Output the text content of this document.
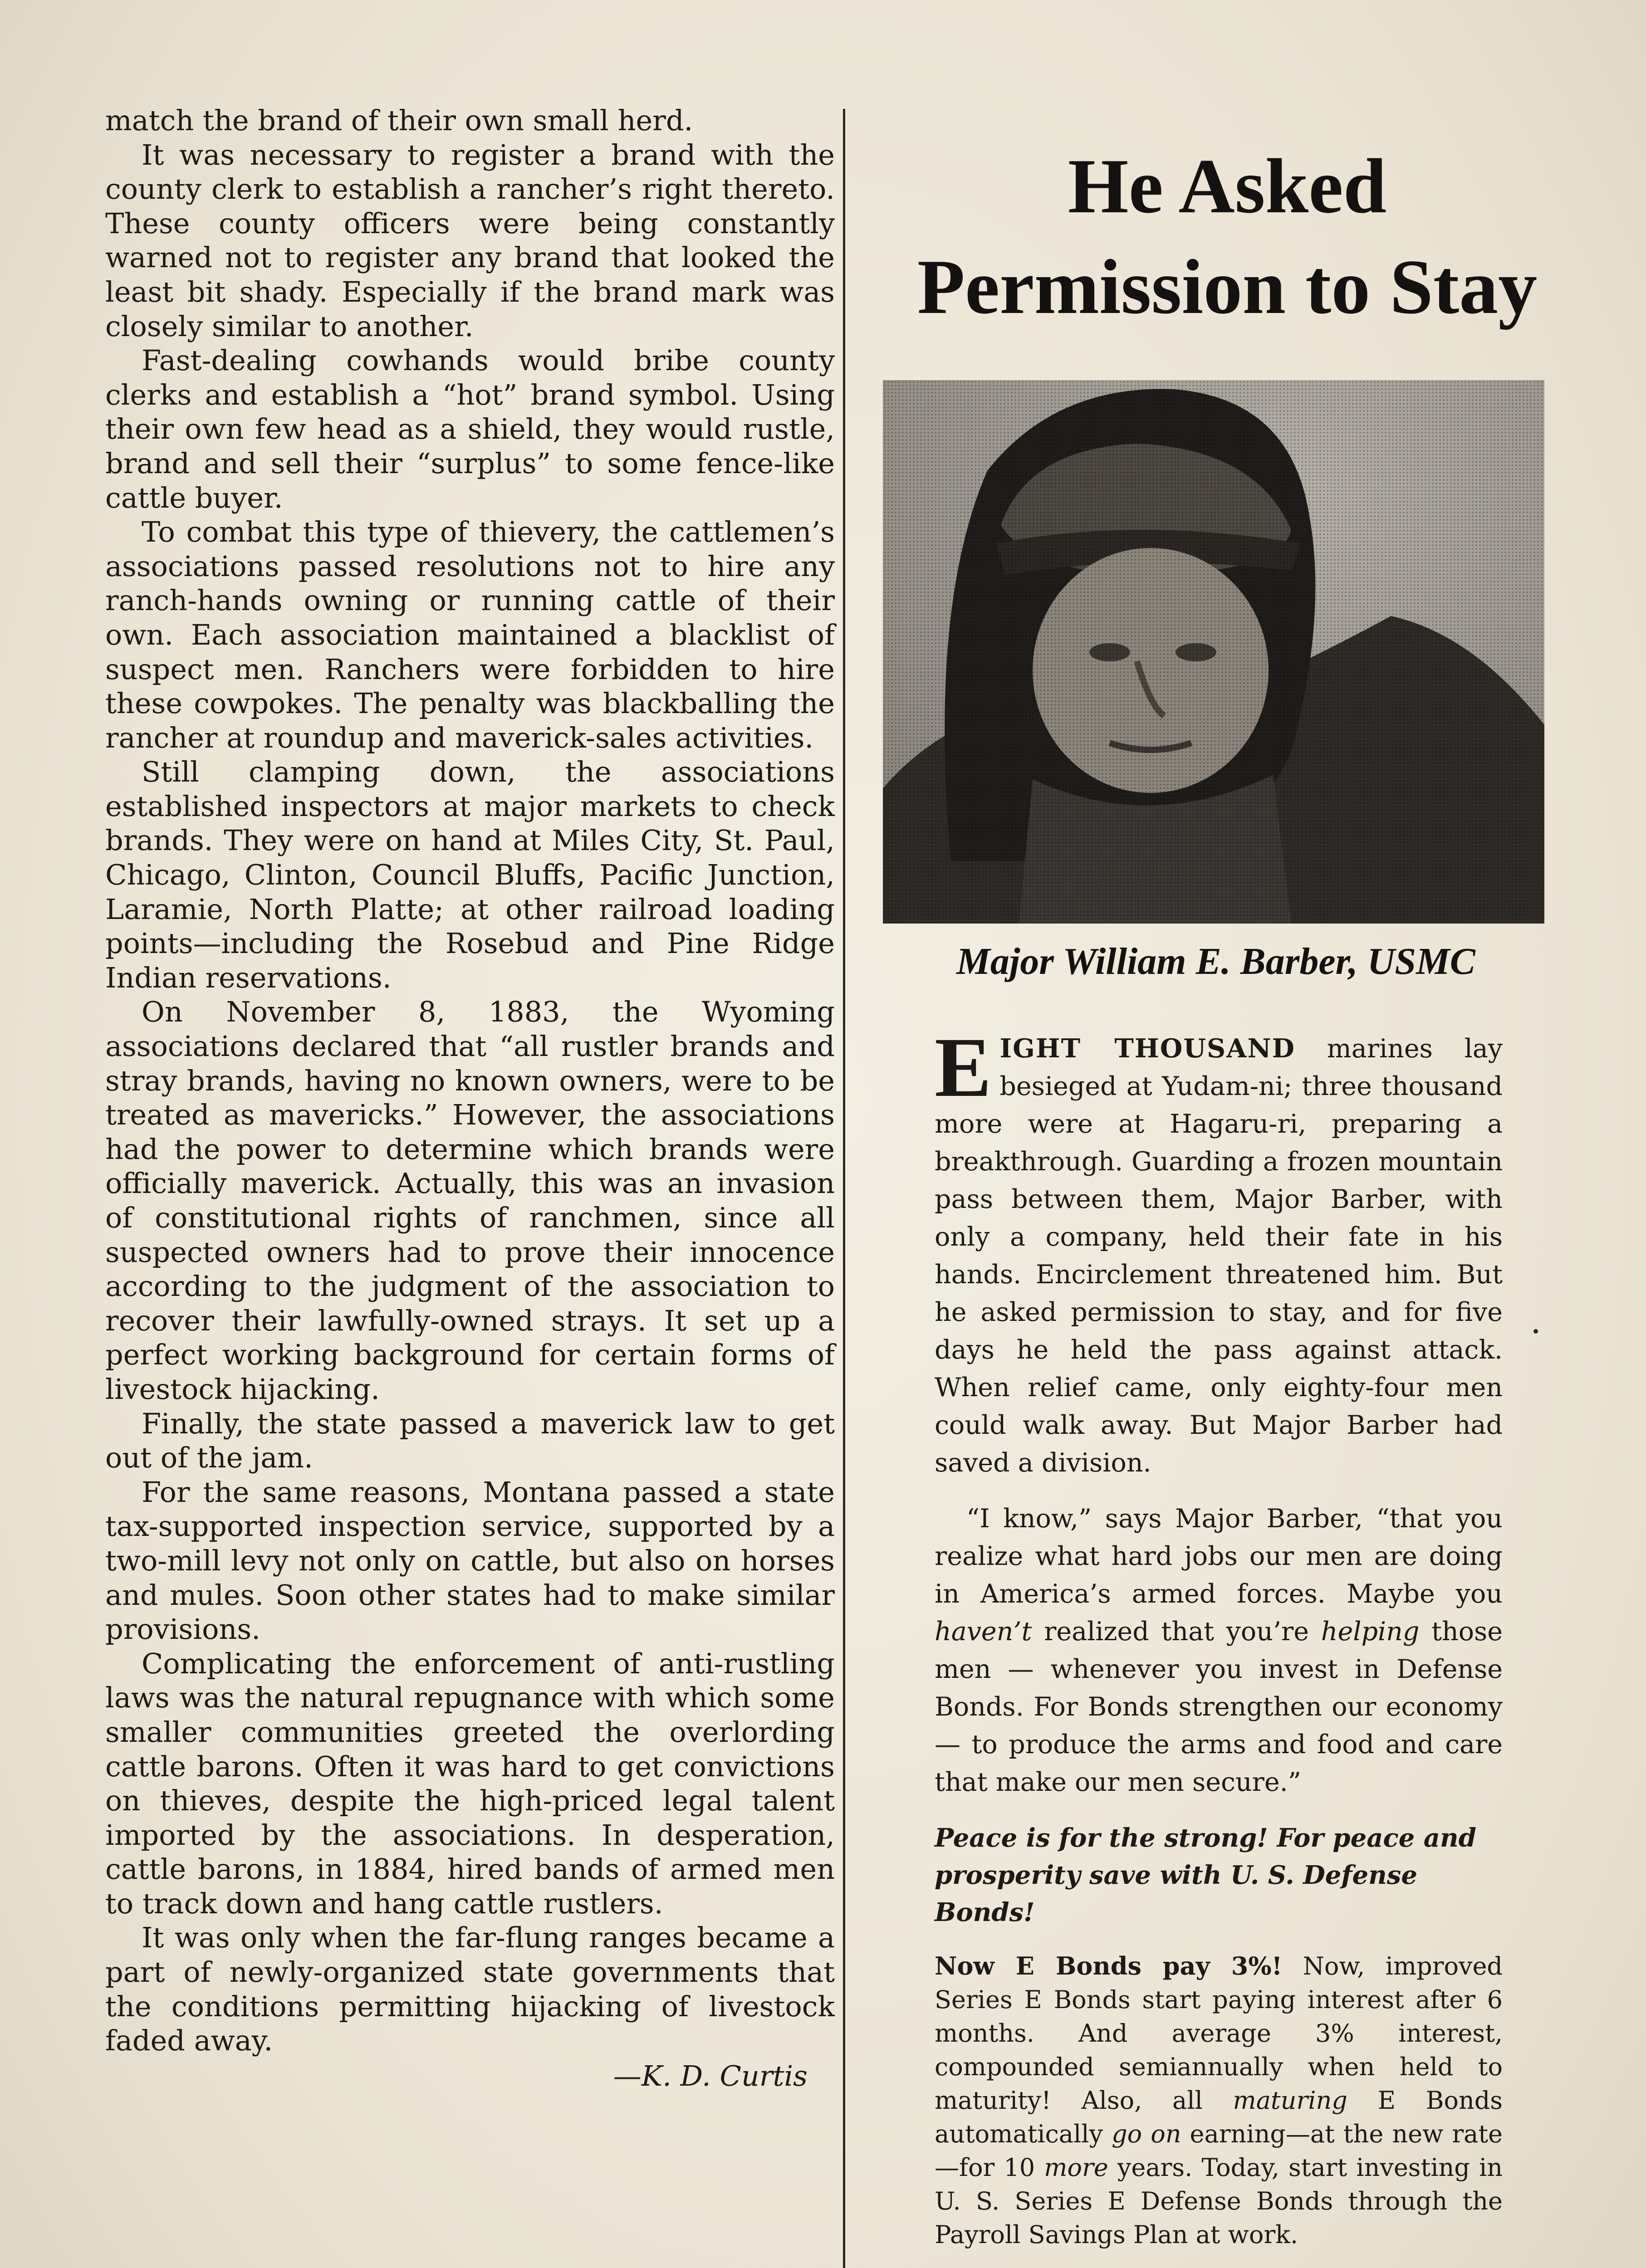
match the brand of their own small herd.

It was necessary to register a brand with the county clerk to establish a rancher’s right thereto. These county officers were being constantly warned not to register any brand that looked the least bit shady. Especially if the brand mark was closely similar to another.

Fast-dealing cowhands would bribe county clerks and establish a “hot” brand symbol. Using their own few head as a shield, they would rustle, brand and sell their “surplus” to some fence-like cattle buyer.

To combat this type of thievery, the cattlemen’s associations passed resolutions not to hire any ranch-hands owning or running cattle of their own. Each association maintained a blacklist of suspect men. Ranchers were forbidden to hire these cowpokes. The penalty was blackballing the rancher at roundup and maverick-sales activities.

Still clamping down, the associations established inspectors at major markets to check brands. They were on hand at Miles City, St. Paul, Chicago, Clinton, Council Bluffs, Pacific Junction, Laramie, North Platte; at other railroad loading points—including the Rosebud and Pine Ridge Indian reservations.

On November 8, 1883, the Wyoming associations declared that “all rustler brands and stray brands, having no known owners, were to be treated as mavericks.” However, the associations had the power to determine which brands were officially maverick. Actually, this was an invasion of constitutional rights of ranchmen, since all suspected owners had to prove their innocence according to the judgment of the association to recover their lawfully-owned strays. It set up a perfect working background for certain forms of livestock hijacking.

Finally, the state passed a maverick law to get out of the jam.

For the same reasons, Montana passed a state tax-supported inspection service, supported by a two-mill levy not only on cattle, but also on horses and mules. Soon other states had to make similar provisions.

Complicating the enforcement of anti-rustling laws was the natural repugnance with which some smaller communities greeted the overlording cattle barons. Often it was hard to get convictions on thieves, despite the high-priced legal talent imported by the associations. In desperation, cattle barons, in 1884, hired bands of armed men to track down and hang cattle rustlers.

It was only when the far-flung ranges became a part of newly-organized state governments that the conditions permitting hijacking of livestock faded away.

—K. D. Curtis

He Asked
Permission to Stay
Major William E. Barber, USMC

EIGHT THOUSAND marines lay besieged at Yudam-ni; three thousand more were at Hagaru-ri, preparing a breakthrough. Guarding a frozen mountain pass between them, Major Barber, with only a company, held their fate in his hands. Encirclement threatened him. But he asked permission to stay, and for five days he held the pass against attack. When relief came, only eighty-four men could walk away. But Major Barber had saved a division.

“I know,” says Major Barber, “that you realize what hard jobs our men are doing in America’s armed forces. Maybe you haven’t realized that you’re helping those men — whenever you invest in Defense Bonds. For Bonds strengthen our economy — to produce the arms and food and care that make our men secure.”

Peace is for the strong! For peace and prosperity save with U. S. Defense Bonds!

Now E Bonds pay 3%! Now, improved Series E Bonds start paying interest after 6 months. And average 3% interest, compounded semiannually when held to maturity! Also, all maturing E Bonds automatically go on earning—at the new rate—for 10 more years. Today, start investing in U. S. Series E Defense Bonds through the Payroll Savings Plan at work.
